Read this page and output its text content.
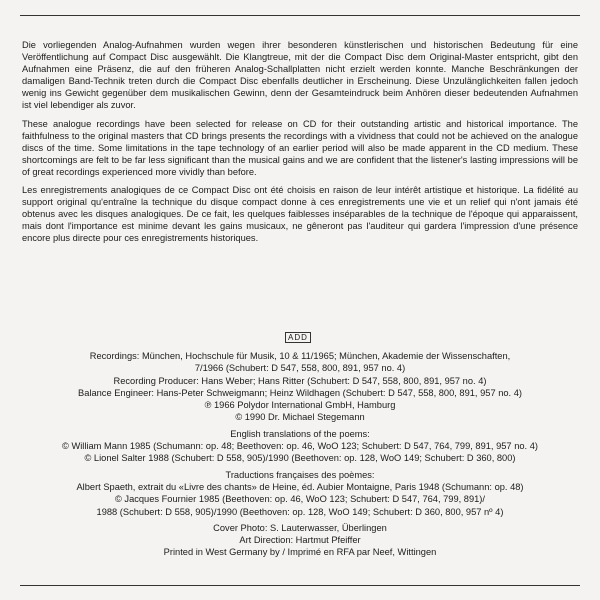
Die vorliegenden Analog-Aufnahmen wurden wegen ihrer besonderen künstlerischen und historischen Bedeutung für eine Veröffentlichung auf Compact Disc ausgewählt. Die Klangtreue, mit der die Compact Disc dem Original-Master entspricht, gibt den Aufnahmen eine Präsenz, die auf den früheren Analog-Schallplatten nicht erzielt werden konnte. Manche Beschränkungen der damaligen Band-Technik treten durch die Compact Disc ebenfalls deutlicher in Erscheinung. Diese Unzulänglichkeiten fallen jedoch wenig ins Gewicht gegenüber dem musikalischen Gewinn, denn der Gesamteindruck beim Anhören dieser bedeutenden Aufnahmen ist viel lebendiger als zuvor.

These analogue recordings have been selected for release on CD for their outstanding artistic and historical importance. The faithfulness to the original masters that CD brings presents the recordings with a vividness that could not be achieved on the analogue discs of the time. Some limitations in the tape technology of an earlier period will also be made apparent in the CD medium. These shortcomings are felt to be far less significant than the musical gains and we are confident that the listener's lasting impressions will be of great recordings experienced more vividly than before.

Les enregistrements analogiques de ce Compact Disc ont été choisis en raison de leur intérêt artistique et historique. La fidélité au support original qu'entraîne la technique du disque compact donne à ces enregistrements une vie et un relief qui n'ont jamais été obtenus avec les disques analogiques. De ce fait, les quelques faiblesses inséparables de la technique de l'époque qui apparaissent, mais dont l'importance est minime devant les gains musicaux, ne gêneront pas l'auditeur qui gardera l'impression d'une présence encore plus directe pour ces enregistrements historiques.

ADD
Recordings: München, Hochschule für Musik, 10 & 11/1965; München, Akademie der Wissenschaften,
7/1966 (Schubert: D 547, 558, 800, 891, 957 no. 4)
Recording Producer: Hans Weber; Hans Ritter (Schubert: D 547, 558, 800, 891, 957 no. 4)
Balance Engineer: Hans-Peter Schweigmann; Heinz Wildhagen (Schubert: D 547, 558, 800, 891, 957 no. 4)
℗ 1966 Polydor International GmbH, Hamburg
© 1990 Dr. Michael Stegemann
English translations of the poems:
© William Mann 1985 (Schumann: op. 48; Beethoven: op. 46, WoO 123; Schubert: D 547, 764, 799, 891, 957 no. 4)
© Lionel Salter 1988 (Schubert: D 558, 905)/1990 (Beethoven: op. 128, WoO 149; Schubert: D 360, 800)
Traductions françaises des poèmes:
Albert Spaeth, extrait du «Livre des chants» de Heine, éd. Aubier Montaigne, Paris 1948 (Schumann: op. 48)
© Jacques Fournier 1985 (Beethoven: op. 46, WoO 123; Schubert: D 547, 764, 799, 891)/
1988 (Schubert: D 558, 905)/1990 (Beethoven: op. 128, WoO 149; Schubert: D 360, 800, 957 nº 4)
Cover Photo: S. Lauterwasser, Überlingen
Art Direction: Hartmut Pfeiffer
Printed in West Germany by / Imprimé en RFA par Neef, Wittingen
